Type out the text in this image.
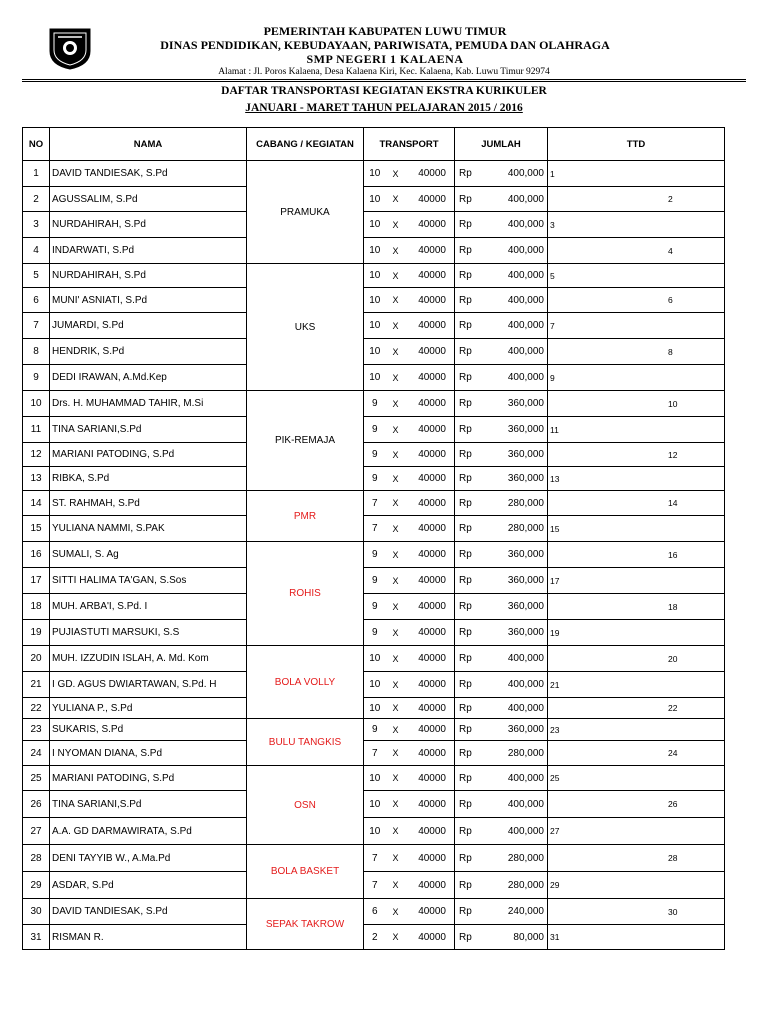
PEMERINTAH KABUPATEN LUWU TIMUR
DINAS PENDIDIKAN, KEBUDAYAAN, PARIWISATA, PEMUDA DAN OLAHRAGA
SMP NEGERI 1 KALAENA
Alamat : Jl. Poros Kalaena, Desa Kalaena Kiri, Kec. Kalaena, Kab. Luwu Timur 92974
DAFTAR TRANSPORTASI KEGIATAN EKSTRA KURIKULER
JANUARI - MARET TAHUN PELAJARAN 2015 / 2016
NO	NAMA	CABANG / KEGIATAN	TRANSPORT			JUMLAH		TTD
1	DAVID TANDIESAK, S.Pd	PRAMUKA	10	X	40000	Rp	400,000	1

2	AGUSSALIM, S.Pd		10	X	40000	Rp	400,000	2

3	NURDAHIRAH, S.Pd		10	X	40000	Rp	400,000	3

4	INDARWATI, S.Pd		10	X	40000	Rp	400,000	4

5	NURDAHIRAH, S.Pd	UKS	10	X	40000	Rp	400,000	5

6	MUNI' ASNIATI, S.Pd		10	X	40000	Rp	400,000	6

7	JUMARDI, S.Pd		10	X	40000	Rp	400,000	7

8	HENDRIK, S.Pd		10	X	40000	Rp	400,000	8

9	DEDI IRAWAN, A.Md.Kep		10	X	40000	Rp	400,000	9

10	Drs. H. MUHAMMAD TAHIR, M.Si	PIK-REMAJA	9	X	40000	Rp	360,000	10

11	TINA SARIANI,S.Pd		9	X	40000	Rp	360,000	11

12	MARIANI PATODING, S.Pd		9	X	40000	Rp	360,000	12

13	RIBKA, S.Pd		9	X	40000	Rp	360,000	13

14	ST. RAHMAH, S.Pd	PMR	7	X	40000	Rp	280,000	14

15	YULIANA NAMMI, S.PAK		7	X	40000	Rp	280,000	15

16	SUMALI, S. Ag	ROHIS	9	X	40000	Rp	360,000	16

17	SITTI HALIMA TA'GAN, S.Sos		9	X	40000	Rp	360,000	17

18	MUH. ARBA'I, S.Pd. I		9	X	40000	Rp	360,000	18

19	PUJIASTUTI MARSUKI, S.S		9	X	40000	Rp	360,000	19

20	MUH. IZZUDIN ISLAH, A. Md. Kom	BOLA VOLLY	10	X	40000	Rp	400,000	20

21	I GD. AGUS DWIARTAWAN, S.Pd. H		10	X	40000	Rp	400,000	21

22	YULIANA P., S.Pd		10	X	40000	Rp	400,000	22

23	SUKARIS, S.Pd	BULU TANGKIS	9	X	40000	Rp	360,000	23

24	I NYOMAN DIANA, S.Pd		7	X	40000	Rp	280,000	24

25	MARIANI PATODING, S.Pd	OSN	10	X	40000	Rp	400,000	25

26	TINA SARIANI,S.Pd		10	X	40000	Rp	400,000	26

27	A.A. GD DARMAWIRATA, S.Pd		10	X	40000	Rp	400,000	27

28	DENI TAYYIB W., A.Ma.Pd	BOLA BASKET	7	X	40000	Rp	280,000	28

29	ASDAR, S.Pd		7	X	40000	Rp	280,000	29

30	DAVID TANDIESAK, S.Pd	SEPAK TAKROW	6	X	40000	Rp	240,000	30

31	RISMAN R.		2	X	40000	Rp	80,000	31
